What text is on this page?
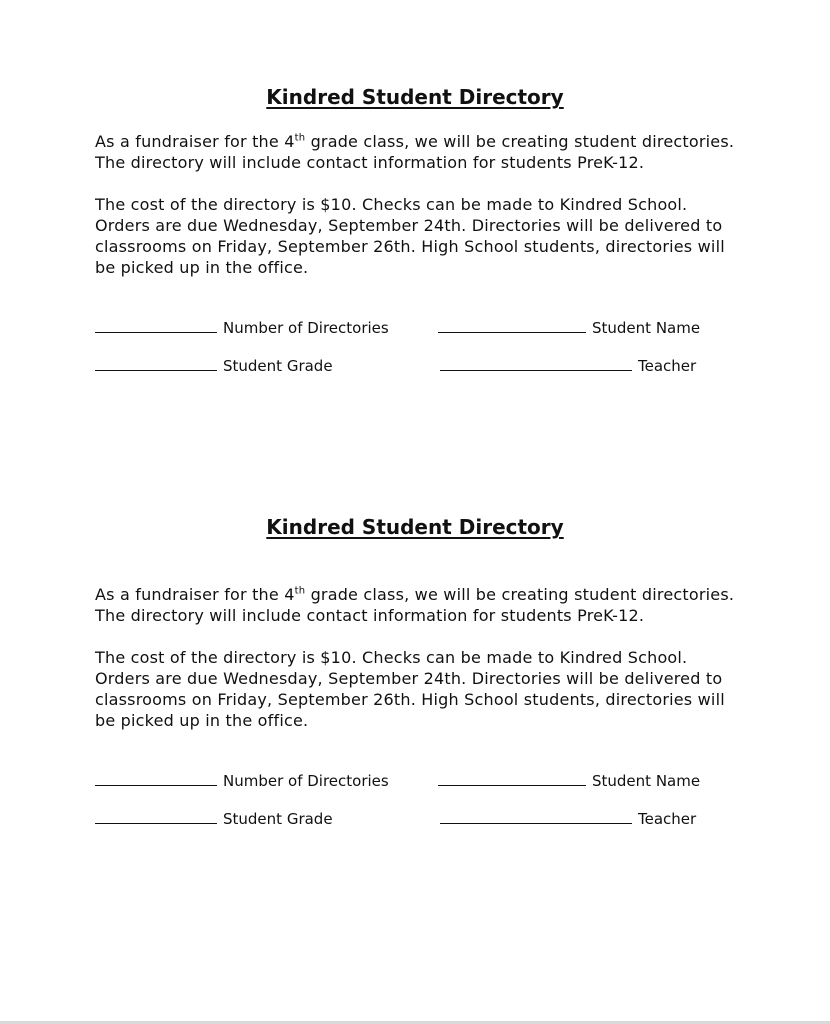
Kindred Student Directory

As a fundraiser for the 4th grade class, we will be creating student directories. The directory will include contact information for students PreK-12.

The cost of the directory is $10. Checks can be made to Kindred School. Orders are due Wednesday, September 24th. Directories will be delivered to classrooms on Friday, September 26th. High School students, directories will be picked up in the office.

Number of Directories	Student Name
Student Grade	Teacher
Kindred Student Directory

As a fundraiser for the 4th grade class, we will be creating student directories. The directory will include contact information for students PreK-12.

The cost of the directory is $10. Checks can be made to Kindred School. Orders are due Wednesday, September 24th. Directories will be delivered to classrooms on Friday, September 26th. High School students, directories will be picked up in the office.

Number of Directories	Student Name
Student Grade	Teacher
